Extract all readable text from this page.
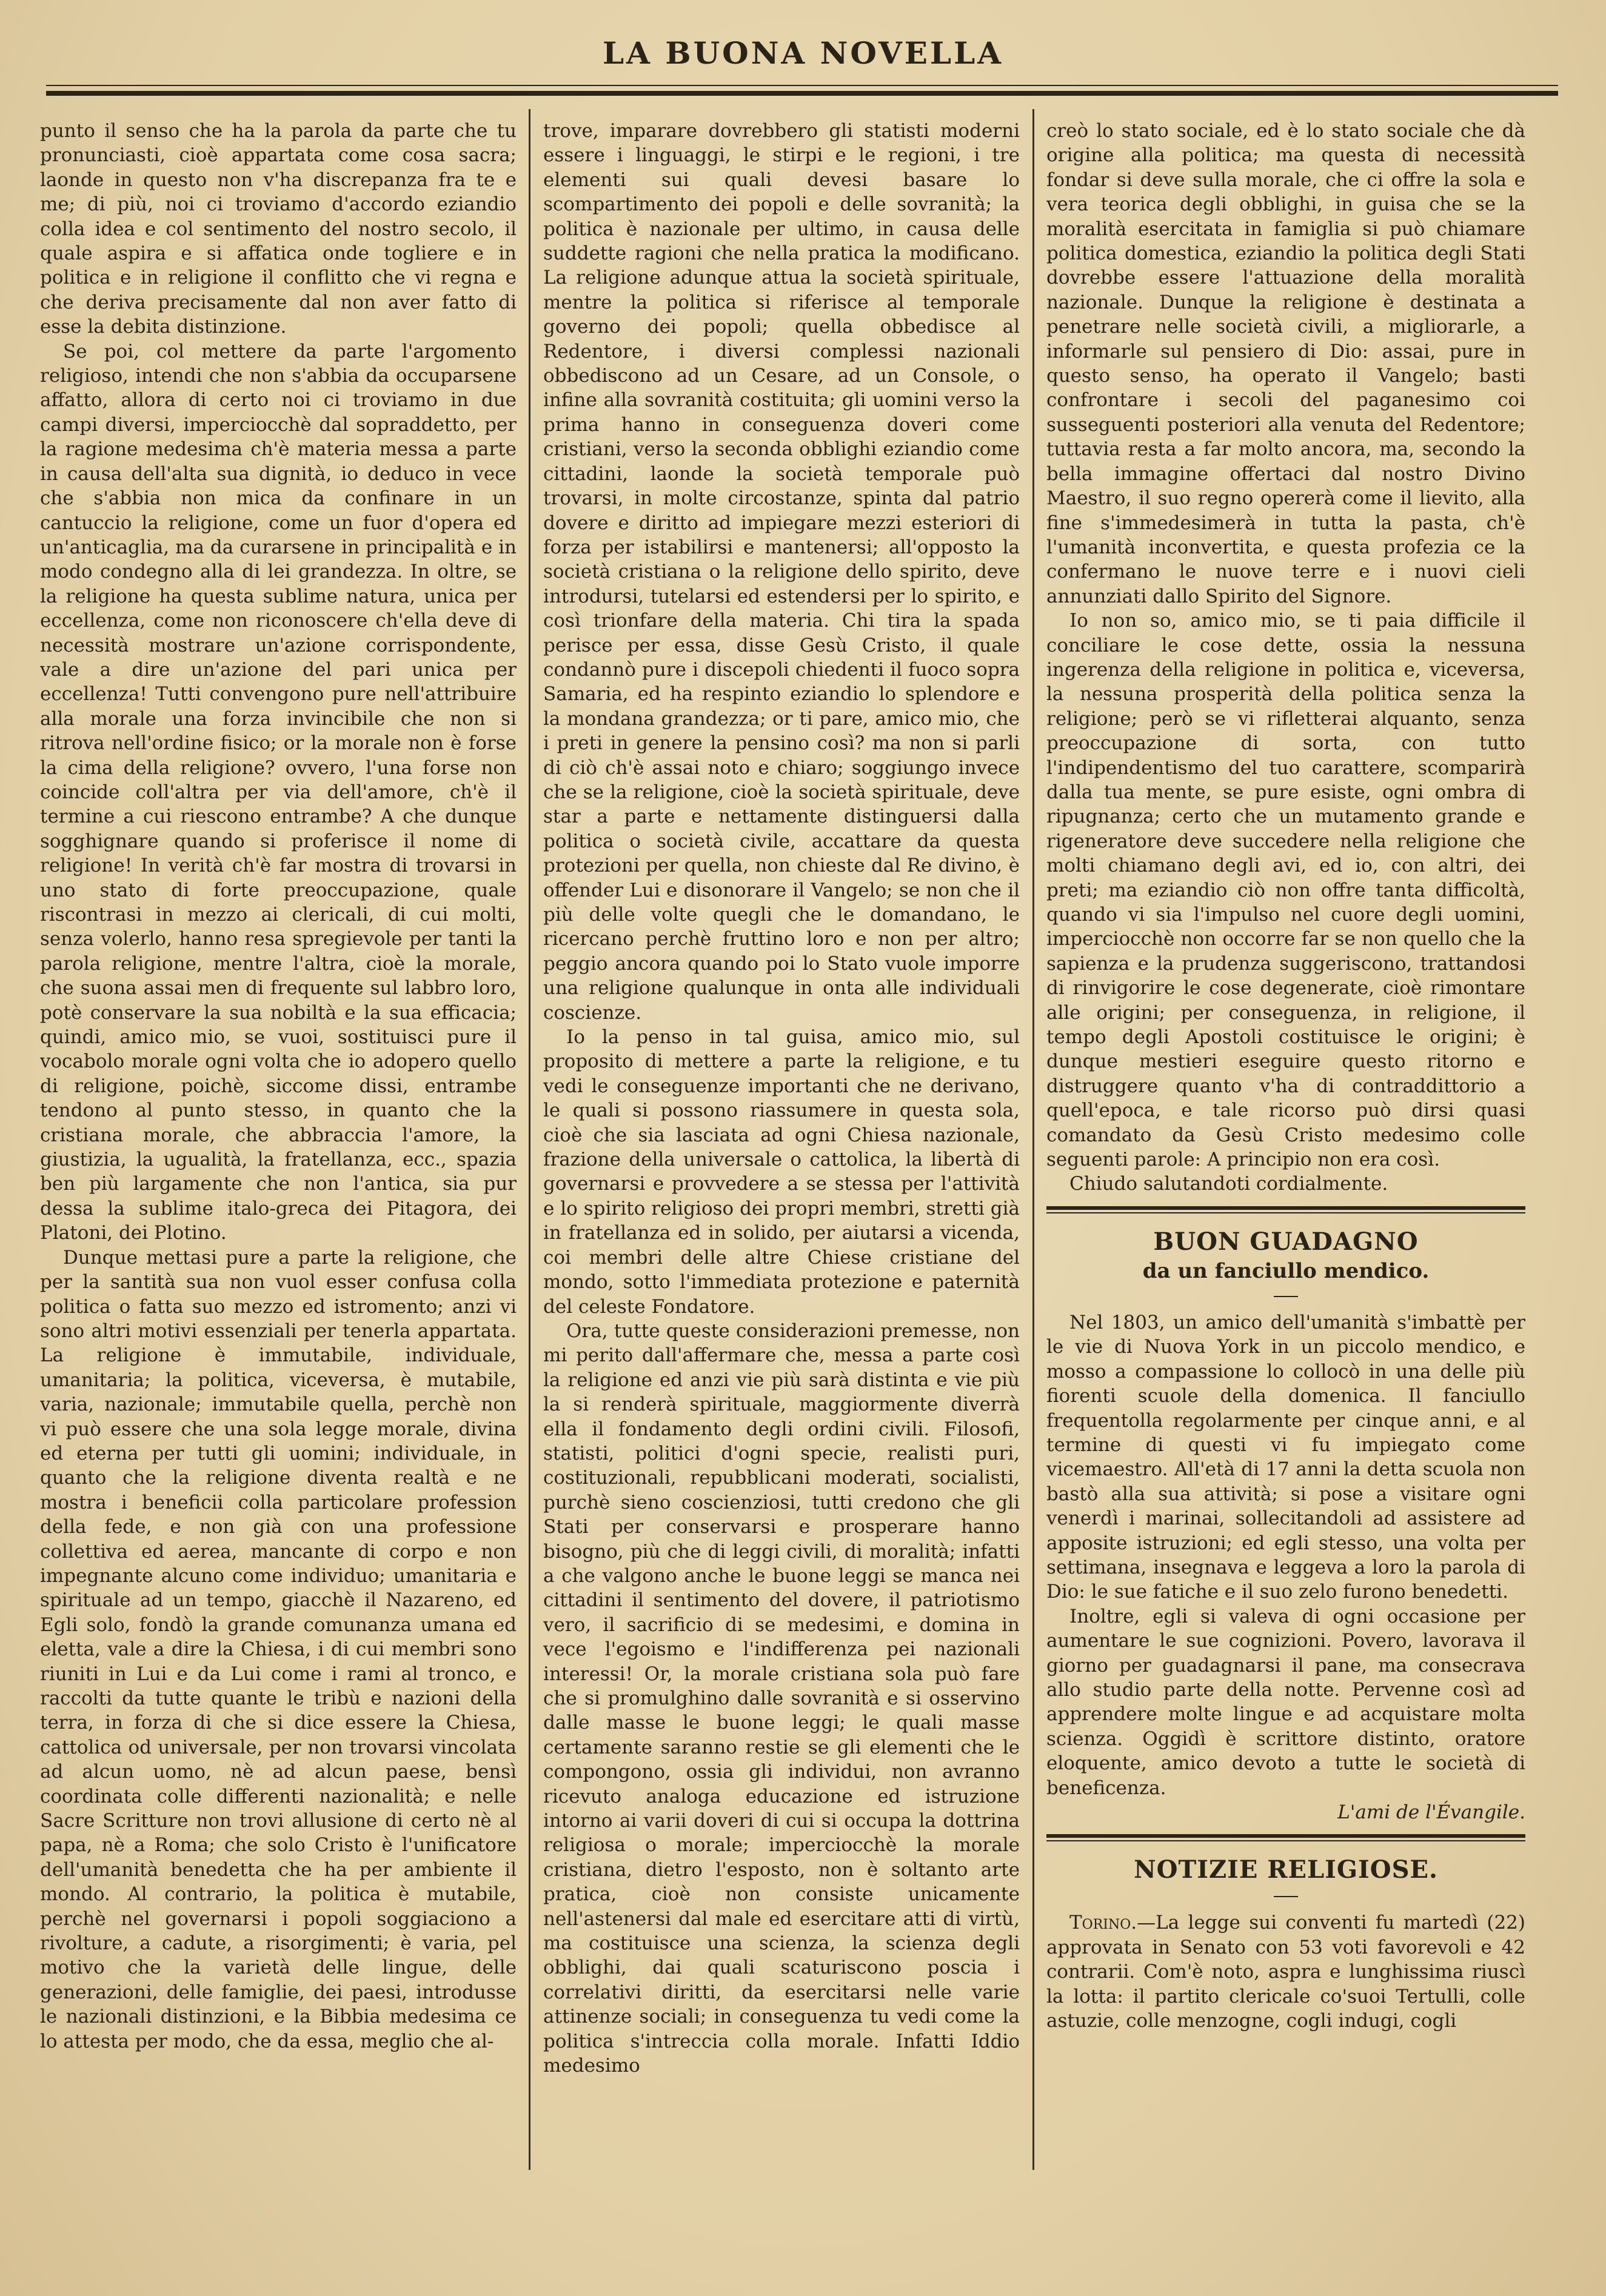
LA BUONA NOVELLA

punto il senso che ha la parola da parte che tu pronunciasti, cioè appartata come cosa sacra; laonde in questo non v'ha discrepanza fra te e me; di più, noi ci troviamo d'accordo eziandio colla idea e col sentimento del nostro secolo, il quale aspira e si affatica onde togliere e in politica e in religione il conflitto che vi regna e che deriva precisamente dal non aver fatto di esse la debita distinzione.

Se poi, col mettere da parte l'argomento religioso, intendi che non s'abbia da occuparsene affatto, allora di certo noi ci troviamo in due campi diversi, imperciocchè dal sopraddetto, per la ragione medesima ch'è materia messa a parte in causa dell'alta sua dignità, io deduco in vece che s'abbia non mica da confinare in un cantuccio la religione, come un fuor d'opera ed un'anticaglia, ma da curarsene in principalità e in modo condegno alla di lei grandezza. In oltre, se la religione ha questa sublime natura, unica per eccellenza, come non riconoscere ch'ella deve di necessità mostrare un'azione corrispondente, vale a dire un'azione del pari unica per eccellenza! Tutti convengono pure nell'attribuire alla morale una forza invincibile che non si ritrova nell'ordine fisico; or la morale non è forse la cima della religione? ovvero, l'una forse non coincide coll'altra per via dell'amore, ch'è il termine a cui riescono entrambe? A che dunque sogghignare quando si proferisce il nome di religione! In verità ch'è far mostra di trovarsi in uno stato di forte preoccupazione, quale riscontrasi in mezzo ai clericali, di cui molti, senza volerlo, hanno resa spregievole per tanti la parola religione, mentre l'altra, cioè la morale, che suona assai men di frequente sul labbro loro, potè conservare la sua nobiltà e la sua efficacia; quindi, amico mio, se vuoi, sostituisci pure il vocabolo morale ogni volta che io adopero quello di religione, poichè, siccome dissi, entrambe tendono al punto stesso, in quanto che la cristiana morale, che abbraccia l'amore, la giustizia, la ugualità, la fratellanza, ecc., spazia ben più largamente che non l'antica, sia pur dessa la sublime italo-greca dei Pitagora, dei Platoni, dei Plotino.

Dunque mettasi pure a parte la religione, che per la santità sua non vuol esser confusa colla politica o fatta suo mezzo ed istromento; anzi vi sono altri motivi essenziali per tenerla appartata. La religione è immutabile, individuale, umanitaria; la politica, viceversa, è mutabile, varia, nazionale; immutabile quella, perchè non vi può essere che una sola legge morale, divina ed eterna per tutti gli uomini; individuale, in quanto che la religione diventa realtà e ne mostra i beneficii colla particolare profession della fede, e non già con una professione collettiva ed aerea, mancante di corpo e non impegnante alcuno come individuo; umanitaria e spirituale ad un tempo, giacchè il Nazareno, ed Egli solo, fondò la grande comunanza umana ed eletta, vale a dire la Chiesa, i di cui membri sono riuniti in Lui e da Lui come i rami al tronco, e raccolti da tutte quante le tribù e nazioni della terra, in forza di che si dice essere la Chiesa, cattolica od universale, per non trovarsi vincolata ad alcun uomo, nè ad alcun paese, bensì coordinata colle differenti nazionalità; e nelle Sacre Scritture non trovi allusione di certo nè al papa, nè a Roma; che solo Cristo è l'unificatore dell'umanità benedetta che ha per ambiente il mondo. Al contrario, la politica è mutabile, perchè nel governarsi i popoli soggiaciono a rivolture, a cadute, a risorgimenti; è varia, pel motivo che la varietà delle lingue, delle generazioni, delle famiglie, dei paesi, introdusse le nazionali distinzioni, e la Bibbia medesima ce lo attesta per modo, che da essa, meglio che al-

trove, imparare dovrebbero gli statisti moderni essere i linguaggi, le stirpi e le regioni, i tre elementi sui quali devesi basare lo scompartimento dei popoli e delle sovranità; la politica è nazionale per ultimo, in causa delle suddette ragioni che nella pratica la modificano. La religione adunque attua la società spirituale, mentre la politica si riferisce al temporale governo dei popoli; quella obbedisce al Redentore, i diversi complessi nazionali obbediscono ad un Cesare, ad un Console, o infine alla sovranità costituita; gli uomini verso la prima hanno in conseguenza doveri come cristiani, verso la seconda obblighi eziandio come cittadini, laonde la società temporale può trovarsi, in molte circostanze, spinta dal patrio dovere e diritto ad impiegare mezzi esteriori di forza per istabilirsi e mantenersi; all'opposto la società cristiana o la religione dello spirito, deve introdursi, tutelarsi ed estendersi per lo spirito, e così trionfare della materia. Chi tira la spada perisce per essa, disse Gesù Cristo, il quale condannò pure i discepoli chiedenti il fuoco sopra Samaria, ed ha respinto eziandio lo splendore e la mondana grandezza; or ti pare, amico mio, che i preti in genere la pensino così? ma non si parli di ciò ch'è assai noto e chiaro; soggiungo invece che se la religione, cioè la società spirituale, deve star a parte e nettamente distinguersi dalla politica o società civile, accattare da questa protezioni per quella, non chieste dal Re divino, è offender Lui e disonorare il Vangelo; se non che il più delle volte quegli che le domandano, le ricercano perchè fruttino loro e non per altro; peggio ancora quando poi lo Stato vuole imporre una religione qualunque in onta alle individuali coscienze.

Io la penso in tal guisa, amico mio, sul proposito di mettere a parte la religione, e tu vedi le conseguenze importanti che ne derivano, le quali si possono riassumere in questa sola, cioè che sia lasciata ad ogni Chiesa nazionale, frazione della universale o cattolica, la libertà di governarsi e provvedere a se stessa per l'attività e lo spirito religioso dei propri membri, stretti già in fratellanza ed in solido, per aiutarsi a vicenda, coi membri delle altre Chiese cristiane del mondo, sotto l'immediata protezione e paternità del celeste Fondatore.

Ora, tutte queste considerazioni premesse, non mi perito dall'affermare che, messa a parte così la religione ed anzi vie più sarà distinta e vie più la si renderà spirituale, maggiormente diverrà ella il fondamento degli ordini civili. Filosofi, statisti, politici d'ogni specie, realisti puri, costituzionali, repubblicani moderati, socialisti, purchè sieno coscienziosi, tutti credono che gli Stati per conservarsi e prosperare hanno bisogno, più che di leggi civili, di moralità; infatti a che valgono anche le buone leggi se manca nei cittadini il sentimento del dovere, il patriotismo vero, il sacrificio di se medesimi, e domina in vece l'egoismo e l'indifferenza pei nazionali interessi! Or, la morale cristiana sola può fare che si promulghino dalle sovranità e si osservino dalle masse le buone leggi; le quali masse certamente saranno restie se gli elementi che le compongono, ossia gli individui, non avranno ricevuto analoga educazione ed istruzione intorno ai varii doveri di cui si occupa la dottrina religiosa o morale; imperciocchè la morale cristiana, dietro l'esposto, non è soltanto arte pratica, cioè non consiste unicamente nell'astenersi dal male ed esercitare atti di virtù, ma costituisce una scienza, la scienza degli obblighi, dai quali scaturiscono poscia i correlativi diritti, da esercitarsi nelle varie attinenze sociali; in conseguenza tu vedi come la politica s'intreccia colla morale. Infatti Iddio medesimo

creò lo stato sociale, ed è lo stato sociale che dà origine alla politica; ma questa di necessità fondar si deve sulla morale, che ci offre la sola e vera teorica degli obblighi, in guisa che se la moralità esercitata in famiglia si può chiamare politica domestica, eziandio la politica degli Stati dovrebbe essere l'attuazione della moralità nazionale. Dunque la religione è destinata a penetrare nelle società civili, a migliorarle, a informarle sul pensiero di Dio: assai, pure in questo senso, ha operato il Vangelo; basti confrontare i secoli del paganesimo coi susseguenti posteriori alla venuta del Redentore; tuttavia resta a far molto ancora, ma, secondo la bella immagine offertaci dal nostro Divino Maestro, il suo regno opererà come il lievito, alla fine s'immedesimerà in tutta la pasta, ch'è l'umanità inconvertita, e questa profezia ce la confermano le nuove terre e i nuovi cieli annunziati dallo Spirito del Signore.

Io non so, amico mio, se ti paia difficile il conciliare le cose dette, ossia la nessuna ingerenza della religione in politica e, viceversa, la nessuna prosperità della politica senza la religione; però se vi rifletterai alquanto, senza preoccupazione di sorta, con tutto l'indipendentismo del tuo carattere, scomparirà dalla tua mente, se pure esiste, ogni ombra di ripugnanza; certo che un mutamento grande e rigeneratore deve succedere nella religione che molti chiamano degli avi, ed io, con altri, dei preti; ma eziandio ciò non offre tanta difficoltà, quando vi sia l'impulso nel cuore degli uomini, imperciocchè non occorre far se non quello che la sapienza e la prudenza suggeriscono, trattandosi di rinvigorire le cose degenerate, cioè rimontare alle origini; per conseguenza, in religione, il tempo degli Apostoli costituisce le origini; è dunque mestieri eseguire questo ritorno e distruggere quanto v'ha di contraddittorio a quell'epoca, e tale ricorso può dirsi quasi comandato da Gesù Cristo medesimo colle seguenti parole: A principio non era così.

Chiudo salutandoti cordialmente.

BUON GUADAGNO
da un fanciullo mendico.

Nel 1803, un amico dell'umanità s'imbattè per le vie di Nuova York in un piccolo mendico, e mosso a compassione lo collocò in una delle più fiorenti scuole della domenica. Il fanciullo frequentolla regolarmente per cinque anni, e al termine di questi vi fu impiegato come vicemaestro. All'età di 17 anni la detta scuola non bastò alla sua attività; si pose a visitare ogni venerdì i marinai, sollecitandoli ad assistere ad apposite istruzioni; ed egli stesso, una volta per settimana, insegnava e leggeva a loro la parola di Dio: le sue fatiche e il suo zelo furono benedetti.

Inoltre, egli si valeva di ogni occasione per aumentare le sue cognizioni. Povero, lavorava il giorno per guadagnarsi il pane, ma consecrava allo studio parte della notte. Pervenne così ad apprendere molte lingue e ad acquistare molta scienza. Oggidì è scrittore distinto, oratore eloquente, amico devoto a tutte le società di beneficenza.

L'ami de l'Évangile.

NOTIZIE RELIGIOSE.

Torino.—La legge sui conventi fu martedì (22) approvata in Senato con 53 voti favorevoli e 42 contrarii. Com'è noto, aspra e lunghissima riuscì la lotta: il partito clericale co'suoi Tertulli, colle astuzie, colle menzogne, cogli indugi, cogli
